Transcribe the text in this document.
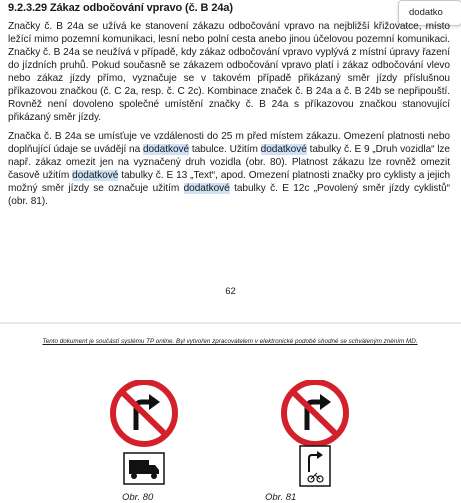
9.2.3.29 Zákaz odbočování vpravo (č. B 24a)	dodatko

Značky č. B 24a se užívá ke stanovení zákazu odbočování vpravo na nejbližší křižovatce, místo ležící mimo pozemní komunikaci, lesní nebo polní cesta anebo jinou účelovou pozemní komunikaci. Značky č. B 24a se neužívá v případě, kdy zákaz odbočování vpravo vyplývá z místní úpravy řazení do jízdních pruhů. Pokud současně se zákazem odbočování vpravo platí i zákaz odbočování vlevo nebo zákaz jízdy přímo, vyznačuje se v takovém případě přikázaný směr jízdy příslušnou příkazovou značkou (č. C 2a, resp. č. C 2c). Kombinace značek č. B 24a a č. B 24b se nepřipouští. Rovněž není dovoleno společné umístění značky č. B 24a s příkazovou značkou stanovující přikázaný směr jízdy.

Značka č. B 24a se umísťuje ve vzdálenosti do 25 m před místem zákazu. Omezení platnosti nebo doplňující údaje se uvádějí na dodatkové tabulce. Užitím dodatkové tabulky č. E 9 „Druh vozidla“ lze např. zákaz omezit jen na vyznačený druh vozidla (obr. 80). Platnost zákazu lze rovněž omezit časově užitím dodatkové tabulky č. E 13 „Text“, apod. Omezení platnosti značky pro cyklisty a jejich možný směr jízdy se označuje užitím dodatkové tabulky č. E 12c „Povolený směr jízdy cyklistů“ (obr. 81).

62

Tento dokument je součástí systému TP online. Byl vytvořen zpracovatelem v elektronické podobě shodné se schváleným zněním MD.

Obr. 80	Obr. 81
